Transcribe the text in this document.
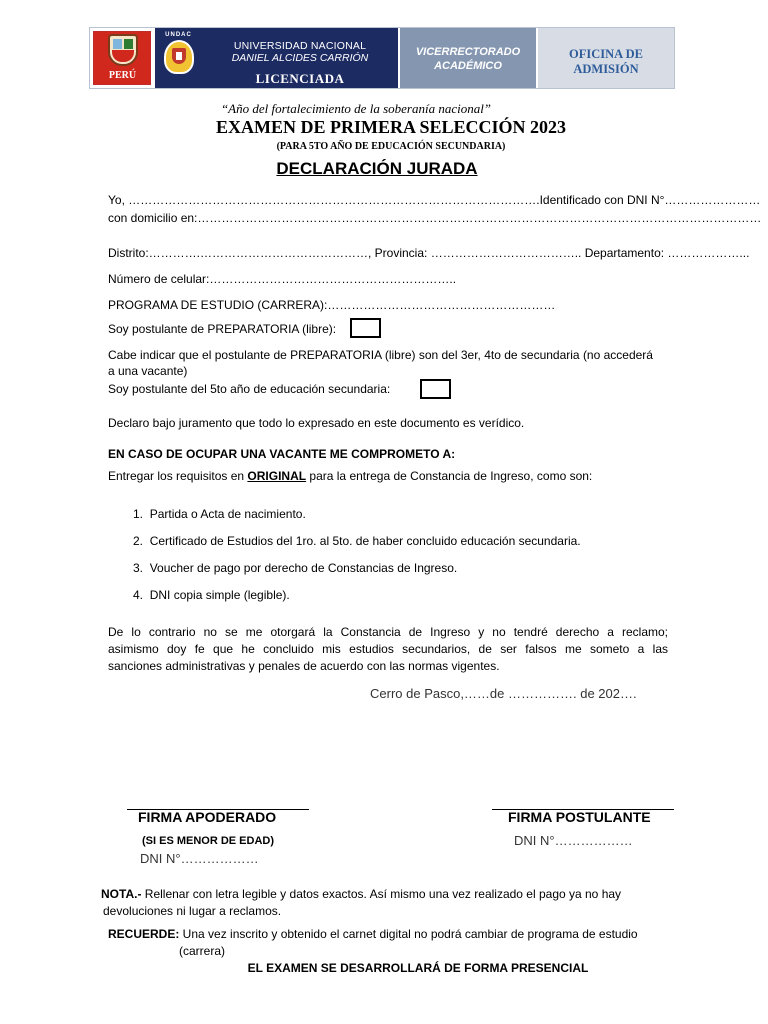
PERÚ
UNDAC
UNIVERSIDAD NACIONAL
DANIEL ALCIDES CARRIÓN
LICENCIADA
VICERRECTORADO
ACADÉMICO
OFICINA DE
ADMISIÓN
“Año del fortalecimiento de la soberanía nacional”
EXAMEN DE PRIMERA SELECCIÓN 2023
(PARA 5TO AÑO DE EDUCACIÓN SECUNDARIA)
DECLARACIÓN JURADA
Yo, ………………………………………………………………………………………….Identificado con DNI N°……………………
con domicilio en:……………………………………………………………………………………………………………………………
Distrito:………….……………………………………, Provincia: ……………………………….. Departamento: ………………...
Número de celular:……………………………………………………..
PROGRAMA DE ESTUDIO (CARRERA):…………………………………………………
Soy postulante de PREPARATORIA (libre):
Cabe indicar que el postulante de PREPARATORIA (libre) son del 3er, 4to de secundaria (no accederá
a una vacante)
Soy postulante del 5to año de educación secundaria:
Declaro bajo juramento que todo lo expresado en este documento es verídico.
EN CASO DE OCUPAR UNA VACANTE ME COMPROMETO A:
Entregar los requisitos en ORIGINAL para la entrega de Constancia de Ingreso, como son:
1. Partida o Acta de nacimiento.
2. Certificado de Estudios del 1ro. al 5to. de haber concluido educación secundaria.
3. Voucher de pago por derecho de Constancias de Ingreso.
4. DNI copia simple (legible).
De lo contrario no se me otorgará la Constancia de Ingreso y no tendré derecho a reclamo;
asimismo doy fe que he concluido mis estudios secundarios, de ser falsos me someto a las
sanciones administrativas y penales de acuerdo con las normas vigentes.
Cerro de Pasco,……de ……………. de 202….
FIRMA APODERADO
(SI ES MENOR DE EDAD)
DNI N°………………
FIRMA POSTULANTE
DNI N°………………
NOTA.- Rellenar con letra legible y datos exactos. Así mismo una vez realizado el pago ya no hay
devoluciones ni lugar a reclamos.
RECUERDE: Una vez inscrito y obtenido el carnet digital no podrá cambiar de programa de estudio
(carrera)
EL EXAMEN SE DESARROLLARÁ DE FORMA PRESENCIAL
